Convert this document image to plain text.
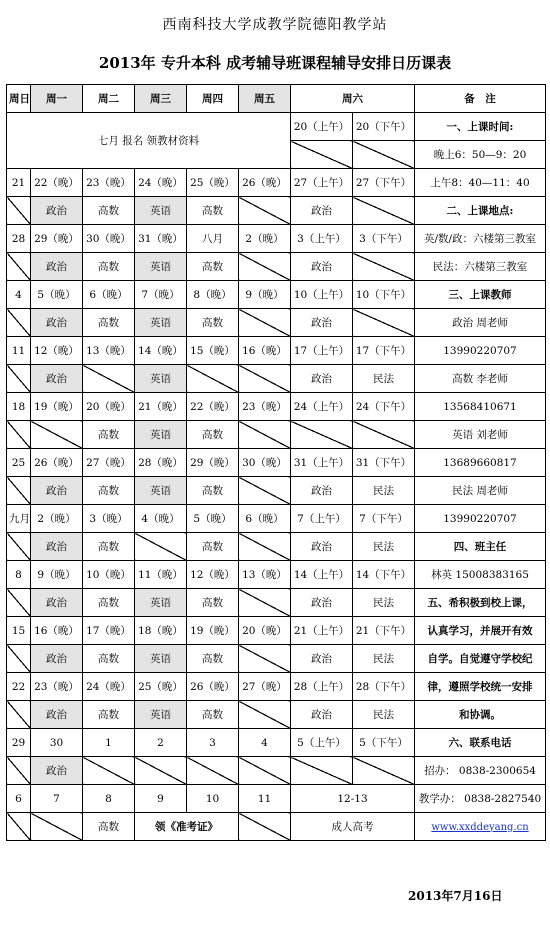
西南科技大学成教学院德阳教学站
2013年 专升本科 成考辅导班课程辅导安排日历课表
周日	周一	周二	周三	周四	周五	周六		备　注
七月 报名 领教材资料						20（上午）	20（下午）	一、上课时间:
								晚上6：50—9：20
21	22（晚）	23（晚）	24（晚）	25（晚）	26（晚）	27（上午）	27（下午）	上午8：40—11：40
	政治	高数	英语	高数		政治		二、上课地点:
28	29（晚）	30（晚）	31（晚）	八月	2（晚）	3（上午）	3（下午）	英/数/政：六楼第三教室
	政治	高数	英语	高数		政治		民法：六楼第三教室
4	5（晚）	6（晚）	7（晚）	8（晚）	9（晚）	10（上午）	10（下午）	三、上课教师
	政治	高数	英语	高数		政治		政治 周老师
11	12（晚）	13（晚）	14（晚）	15（晚）	16（晚）	17（上午）	17（下午）	13990220707
	政治		英语			政治	民法	高数 李老师
18	19（晚）	20（晚）	21（晚）	22（晚）	23（晚）	24（上午）	24（下午）	13568410671
		高数	英语	高数				英语 刘老师
25	26（晚）	27（晚）	28（晚）	29（晚）	30（晚）	31（上午）	31（下午）	13689660817
	政治	高数	英语	高数		政治	民法	民法 周老师
九月	2（晚）	3（晚）	4（晚）	5（晚）	6（晚）	7（上午）	7（下午）	13990220707
	政治	高数		高数		政治	民法	四、班主任
8	9（晚）	10（晚）	11（晚）	12（晚）	13（晚）	14（上午）	14（下午）	林英 15008383165
	政治	高数	英语	高数		政治	民法	五、希积极到校上课，
15	16（晚）	17（晚）	18（晚）	19（晚）	20（晚）	21（上午）	21（下午）	认真学习，并展开有效
	政治	高数	英语	高数		政治	民法	自学。自觉遵守学校纪
22	23（晚）	24（晚）	25（晚）	26（晚）	27（晚）	28（上午）	28（下午）	律，遵照学校统一安排
	政治	高数	英语	高数		政治	民法	和协调。
29	30	1	2	3	4	5（上午）	5（下午）	六、联系电话
	政治							招办： 0838-2300654
6	7	8	9	10	11	12-13		教学办： 0838-2827540
		高数	领《准考证》			成人高考		www.xxddeyang.cn
2013年7月16日
